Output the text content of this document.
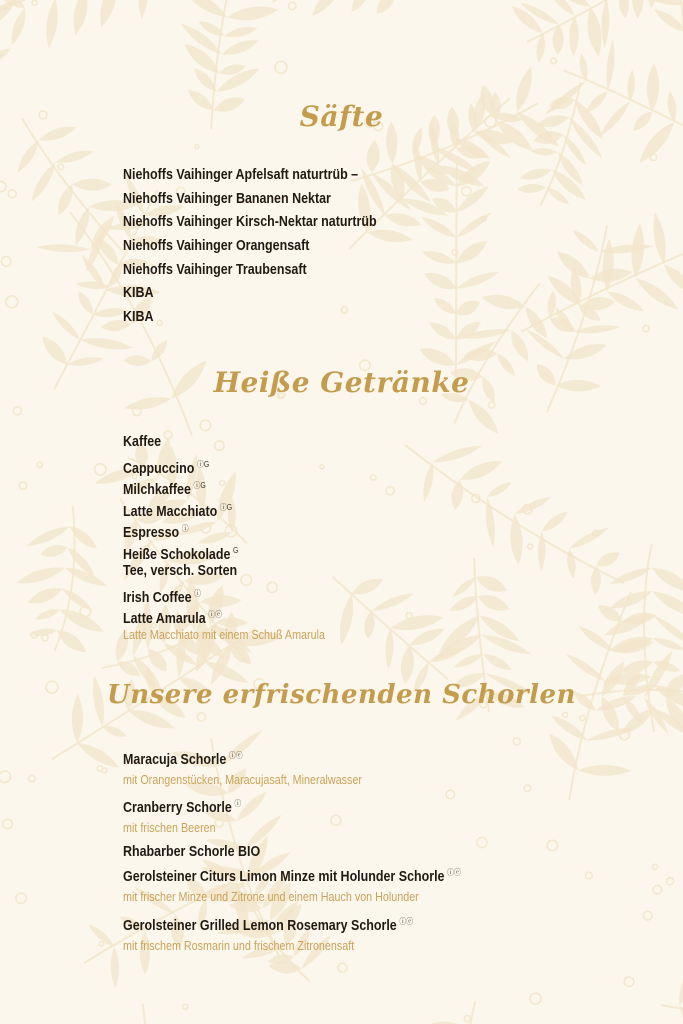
Säfte
Niehoffs Vaihinger Apfelsaft naturtrüb –
Niehoffs Vaihinger Bananen Nektar
Niehoffs Vaihinger Kirsch-Nektar naturtrüb
Niehoffs Vaihinger Orangensaft
Niehoffs Vaihinger Traubensaft
KIBA
KIBA
Heiße Getränke
Kaffee
Cappuccino $^{ⓘG}$
Milchkaffee $^{ⓘG}$
Latte Macchiato $^{ⓘG}$
Espresso ⓘ
Heiße Schokolade $^G$
Tee, versch. Sorten
Irish Coffee ⓘ
Latte Amarula ⓘⓔ
Latte Macchiato mit einem Schuß Amarula
Unsere erfrischenden Schorlen
Maracuja Schorle ⓘⓔ
mit Orangenstücken, Maracujasaft, Mineralwasser
Cranberry Schorle ⓘ
mit frischen Beeren
Rhabarber Schorle BIO
Gerolsteiner Citurs Limon Minze mit Holunder Schorle ⓘⓔ
mit frischer Minze und Zitrone und einem Hauch von Holunder
Gerolsteiner Grilled Lemon Rosemary Schorle ⓘⓔ
mit frischem Rosmarin und frischem Zitronensaft
